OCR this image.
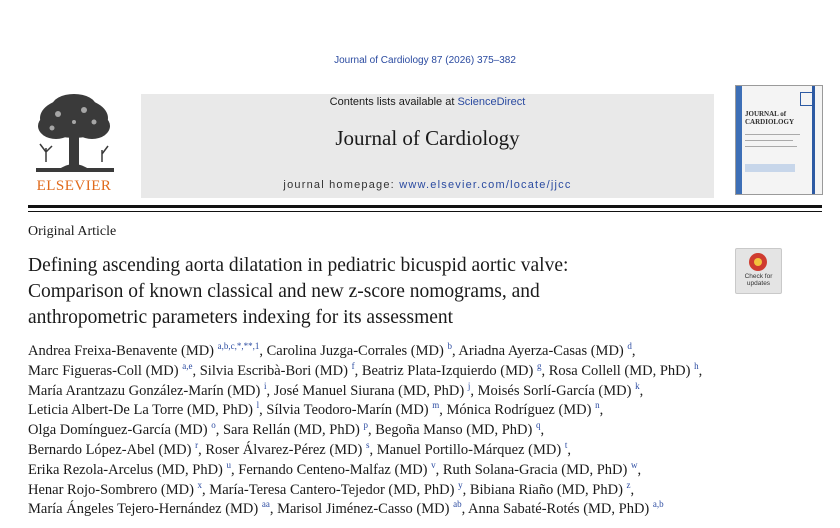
Journal of Cardiology 87 (2026) 375–382
ELSEVIER
Contents lists available at ScienceDirect
Journal of Cardiology
journal homepage: www.elsevier.com/locate/jjcc
JOURNAL of CARDIOLOGY
Original Article
Defining ascending aorta dilatation in pediatric bicuspid aortic valve:
Comparison of known classical and new z-score nomograms, and
anthropometric parameters indexing for its assessment
Check for
updates
Andrea Freixa-Benavente (MD) $^{a,b,c,*,**,1}$, Carolina Juzga-Corrales (MD) $^b$, Ariadna Ayerza-Casas (MD) $^d$,
Marc Figueras-Coll (MD) $^{a,e}$, Silvia Escribà-Bori (MD) $^f$, Beatriz Plata-Izquierdo (MD) $^g$, Rosa Collell (MD, PhD) $^h$,
María Arantzazu González-Marín (MD) $^i$, José Manuel Siurana (MD, PhD) $^j$, Moisés Sorlí-García (MD) $^k$,
Leticia Albert-De La Torre (MD, PhD) $^l$, Sílvia Teodoro-Marín (MD) $^m$, Mónica Rodríguez (MD) $^n$,
Olga Domínguez-García (MD) $^o$, Sara Rellán (MD, PhD) $^p$, Begoña Manso (MD, PhD) $^q$,
Bernardo López-Abel (MD) $^r$, Roser Álvarez-Pérez (MD) $^s$, Manuel Portillo-Márquez (MD) $^t$,
Erika Rezola-Arcelus (MD, PhD) $^u$, Fernando Centeno-Malfaz (MD) $^v$, Ruth Solana-Gracia (MD, PhD) $^w$,
Henar Rojo-Sombrero (MD) $^x$, María-Teresa Cantero-Tejedor (MD, PhD) $^y$, Bibiana Riaño (MD, PhD) $^z$,
María Ángeles Tejero-Hernández (MD) $^{aa}$, Marisol Jiménez-Casso (MD) $^{ab}$, Anna Sabaté-Rotés (MD, PhD) $^{a,b}$
